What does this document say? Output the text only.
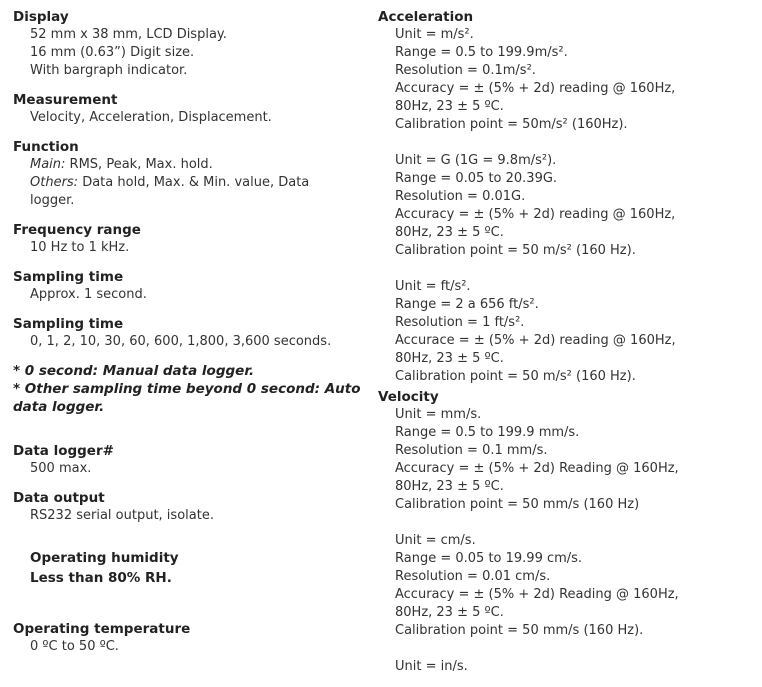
Display

52 mm x 38 mm, LCD Display.

16 mm (0.63”) Digit size.

With bargraph indicator.

Measurement

Velocity, Acceleration, Displacement.

Function

Main: RMS, Peak, Max. hold.

Others: Data hold, Max. & Min. value, Data logger.

Frequency range

10 Hz to 1 kHz.

Sampling time

Approx. 1 second.

Sampling time

0, 1, 2, 10, 30, 60, 600, 1,800, 3,600 seconds.

* 0 second: Manual data logger.

* Other sampling time beyond 0 second: Auto data logger.

Data logger#

500 max.

Data output

RS232 serial output, isolate.

Operating humidity

Less than 80% RH.

Operating temperature

0 ºC to 50 ºC.

Acceleration

Unit = m/s².

Range = 0.5 to 199.9m/s².

Resolution = 0.1m/s².

Accuracy = ± (5% + 2d) reading @ 160Hz,

80Hz, 23 ± 5 ºC.

Calibration point = 50m/s² (160Hz).

Unit = G (1G = 9.8m/s²).

Range = 0.05 to 20.39G.

Resolution = 0.01G.

Accuracy = ± (5% + 2d) reading @ 160Hz,

80Hz, 23 ± 5 ºC.

Calibration point = 50 m/s² (160 Hz).

Unit = ft/s².

Range = 2 a 656 ft/s².

Resolution = 1 ft/s².

Accurace = ± (5% + 2d) reading @ 160Hz,

80Hz, 23 ± 5 ºC.

Calibration point = 50 m/s² (160 Hz).

Velocity

Unit = mm/s.

Range = 0.5 to 199.9 mm/s.

Resolution = 0.1 mm/s.

Accuracy = ± (5% + 2d) Reading @ 160Hz,

80Hz, 23 ± 5 ºC.

Calibration point = 50 mm/s (160 Hz)

Unit = cm/s.

Range = 0.05 to 19.99 cm/s.

Resolution = 0.01 cm/s.

Accuracy = ± (5% + 2d) Reading @ 160Hz,

80Hz, 23 ± 5 ºC.

Calibration point = 50 mm/s (160 Hz).

Unit = in/s.
